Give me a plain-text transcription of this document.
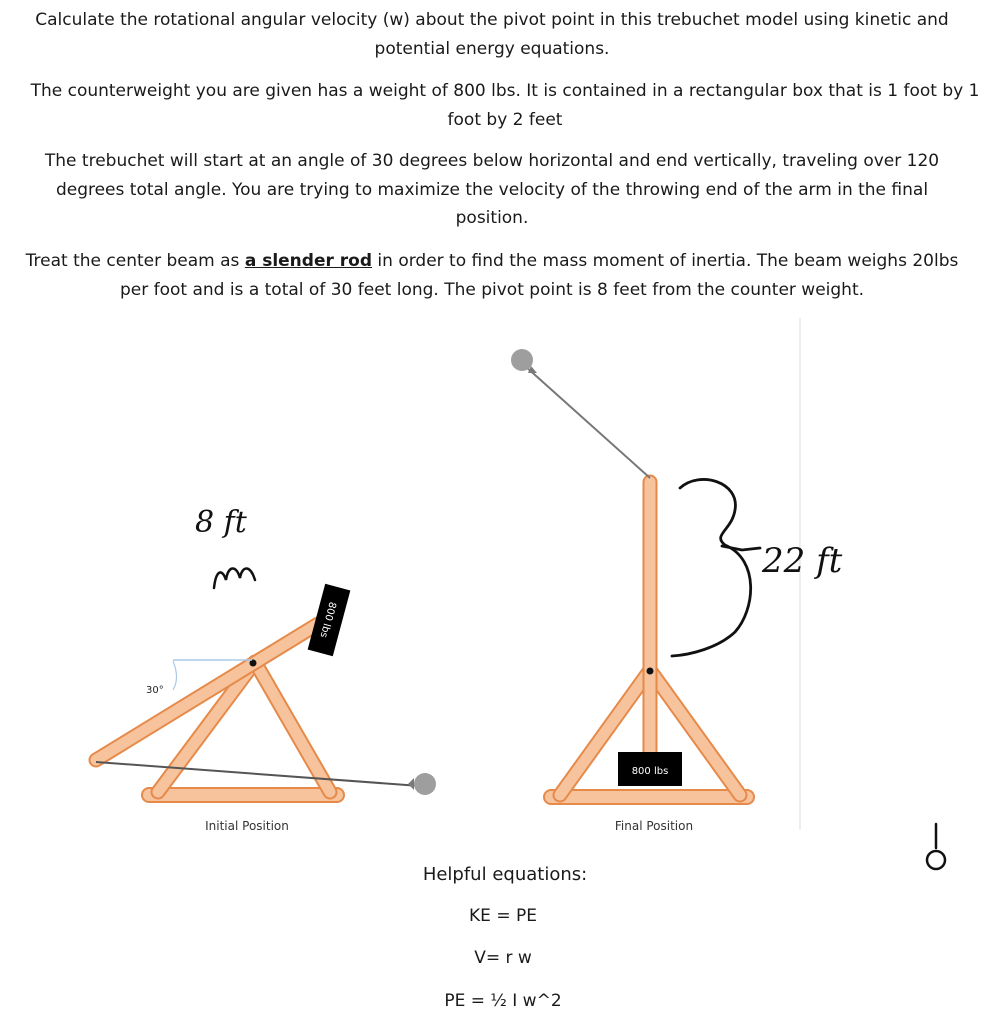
Calculate the rotational angular velocity (w) about the pivot point in this trebuchet model using kinetic and potential energy equations.

The counterweight you are given has a weight of 800 lbs. It is contained in a rectangular box that is 1 foot by 1 foot by 2 feet

The trebuchet will start at an angle of 30 degrees below horizontal and end vertically, traveling over 120 degrees total angle. You are trying to maximize the velocity of the throwing end of the arm in the final position.

Treat the center beam as a slender rod in order to find the mass moment of inertia. The beam weighs 20lbs per foot and is a total of 30 feet long. The pivot point is 8 feet from the counter weight.

30°
800 lbs
Initial Position
8 ft
800 lbs
Final Position
22 ft
Helpful equations:
KE = PE
V= r w
PE = ½ I w^2
